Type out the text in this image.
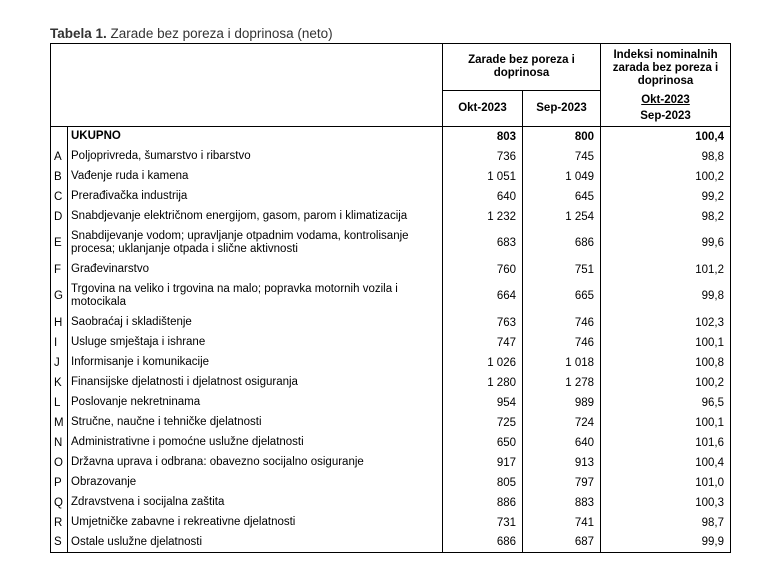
Tabela 1. Zarade bez poreza i doprinosa (neto)
		Zarade bez poreza i doprinosa		Indeksi nominalnih zarada bez poreza i doprinosa
		Okt-2023	Sep-2023	Okt-2023
Sep-2023

	UKUPNO	803	800	100,4
A	Poljoprivreda, šumarstvo i ribarstvo	736	745	98,8
B	Vađenje ruda i kamena	1 051	1 049	100,2
C	Prerađivačka industrija	640	645	99,2
D	Snabdjevanje električnom energijom, gasom, parom i klimatizacija	1 232	1 254	98,2
E	Snabdijevanje vodom; upravljanje otpadnim vodama, kontrolisanje procesa; uklanjanje otpada i slične aktivnosti	683	686	99,6
F	Građevinarstvo	760	751	101,2
G	Trgovina na veliko i trgovina na malo; popravka motornih vozila i motocikala	664	665	99,8
H	Saobraćaj i skladištenje	763	746	102,3
I	Usluge smještaja i ishrane	747	746	100,1
J	Informisanje i komunikacije	1 026	1 018	100,8
K	Finansijske djelatnosti i djelatnost osiguranja	1 280	1 278	100,2
L	Poslovanje nekretninama	954	989	96,5
M	Stručne, naučne i tehničke djelatnosti	725	724	100,1
N	Administrativne i pomoćne uslužne djelatnosti	650	640	101,6
O	Državna uprava i odbrana: obavezno socijalno osiguranje	917	913	100,4
P	Obrazovanje	805	797	101,0
Q	Zdravstvena i socijalna zaštita	886	883	100,3
R	Umjetničke zabavne i rekreativne djelatnosti	731	741	98,7
S	Ostale uslužne djelatnosti	686	687	99,9
